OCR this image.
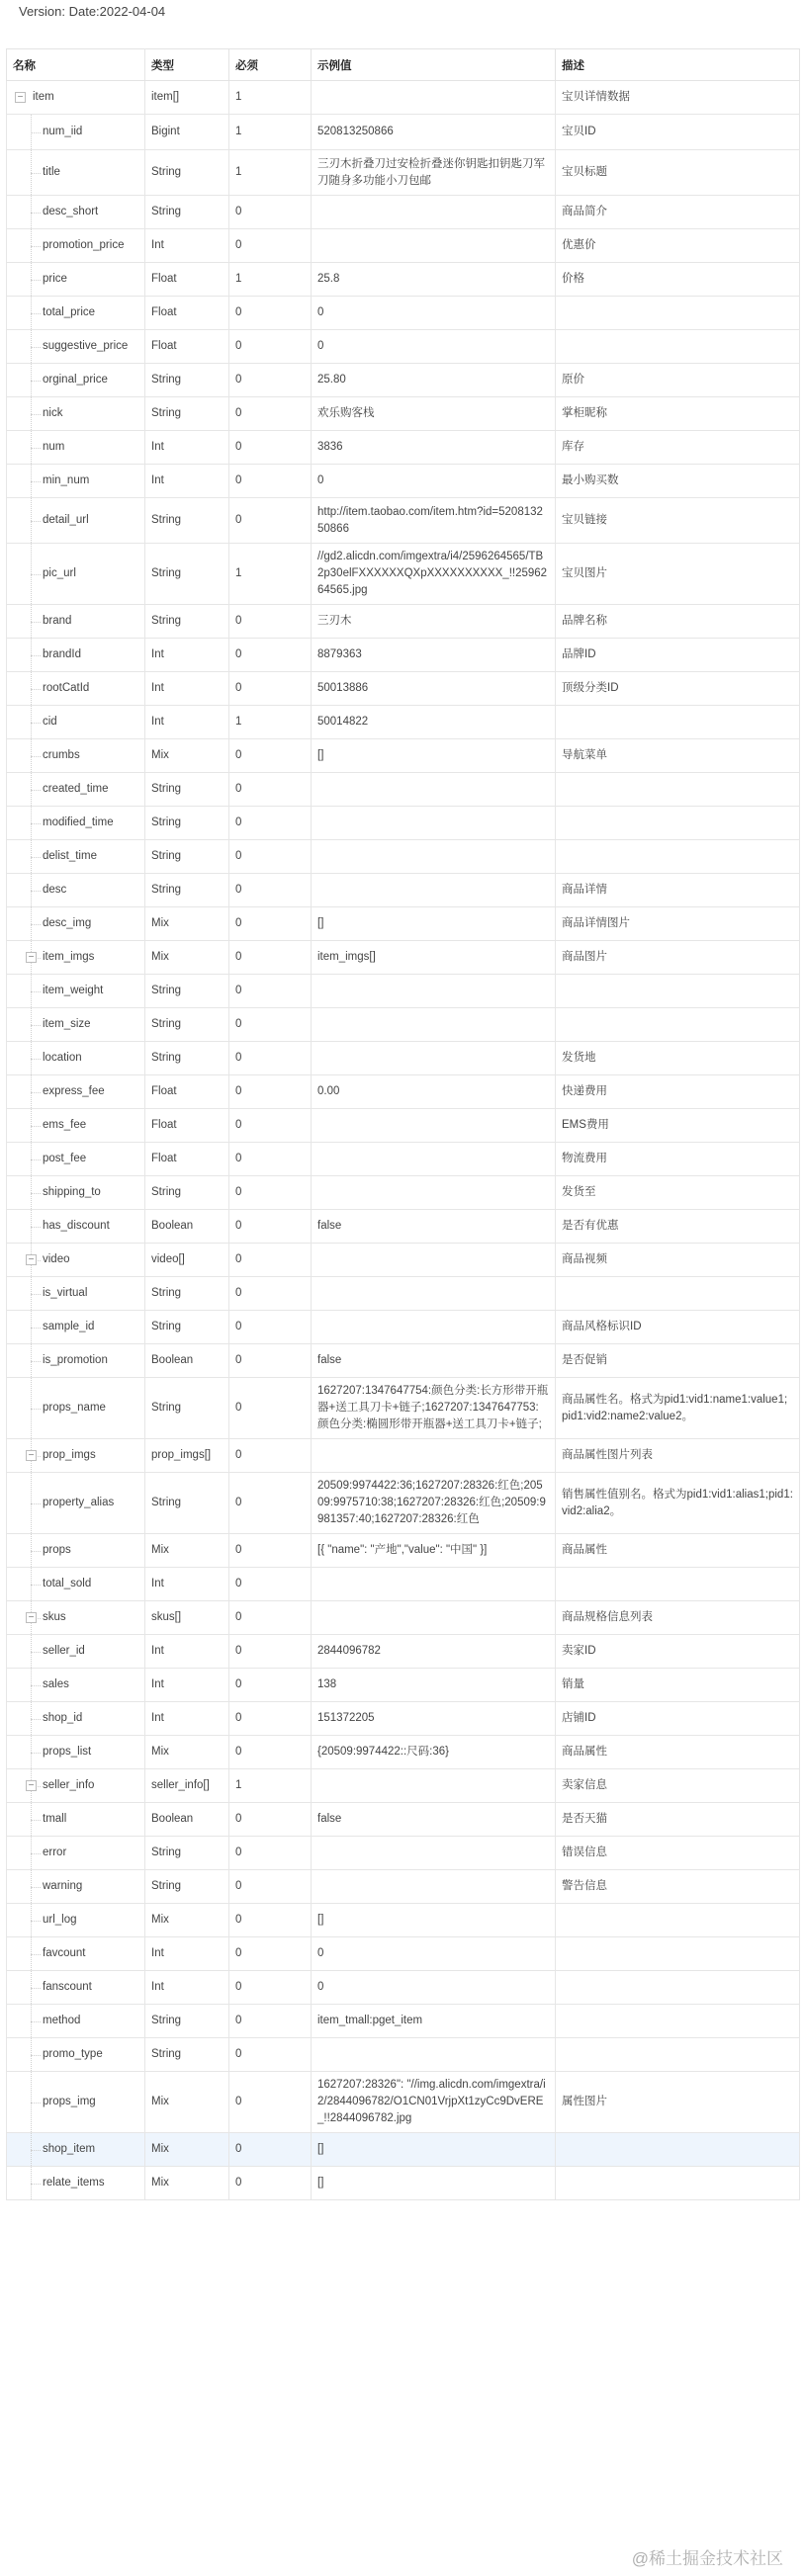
Version: Date:2022-04-04
名称	类型	必须	示例值	描述

− item	item[]	1		宝贝详情数据
num_iid	Bigint	1	520813250866	宝贝ID
title	String	1	三刃木折叠刀过安检折叠迷你钥匙扣钥匙刀军刀随身多功能小刀包邮	宝贝标题
desc_short	String	0		商品简介
promotion_price	Int	0		优惠价
price	Float	1	25.8	价格
total_price	Float	0	0	
suggestive_price	Float	0	0	
orginal_price	String	0	25.80	原价
nick	String	0	欢乐购客栈	掌柜昵称
num	Int	0	3836	库存
min_num	Int	0	0	最小购买数
detail_url	String	0	http://item.taobao.com/item.htm?id=520813250866	宝贝链接
pic_url	String	1	//gd2.alicdn.com/imgextra/i4/2596264565/TB2p30elFXXXXXXQXpXXXXXXXXXX_!!2596264565.jpg	宝贝图片
brand	String	0	三刃木	品牌名称
brandId	Int	0	8879363	品牌ID
rootCatId	Int	0	50013886	顶级分类ID
cid	Int	1	50014822	
crumbs	Mix	0	[]	导航菜单
created_time	String	0		
modified_time	String	0		
delist_time	String	0		
desc	String	0		商品详情
desc_img	Mix	0	[]	商品详情图片

− item_imgs	Mix	0	item_imgs[]	商品图片
item_weight	String	0		
item_size	String	0		
location	String	0		发货地
express_fee	Float	0	0.00	快递费用
ems_fee	Float	0		EMS费用
post_fee	Float	0		物流费用
shipping_to	String	0		发货至
has_discount	Boolean	0	false	是否有优惠

− video	video[]	0		商品视频
is_virtual	String	0		
sample_id	String	0		商品风格标识ID
is_promotion	Boolean	0	false	是否促销
props_name	String	0	1627207:1347647754:颜色分类:长方形带开瓶器+送工具刀卡+链子;1627207:1347647753:颜色分类:椭圆形带开瓶器+送工具刀卡+链子;	商品属性名。格式为pid1:vid1:name1:value1;pid1:vid2:name2:value2。

− prop_imgs	prop_imgs[]	0		商品属性图片列表
property_alias	String	0	20509:9974422:36;1627207:28326:红色;20509:9975710:38;1627207:28326:红色;20509:9981357:40;1627207:28326:红色	销售属性值别名。格式为pid1:vid1:alias1;pid1:vid2:alia2。
props	Mix	0	[{ "name": "产地","value": "中国" }]	商品属性
total_sold	Int	0		

− skus	skus[]	0		商品规格信息列表
seller_id	Int	0	2844096782	卖家ID
sales	Int	0	138	销量
shop_id	Int	0	151372205	店铺ID
props_list	Mix	0	{20509:9974422::尺码:36}	商品属性

− seller_info	seller_info[]	1		卖家信息
tmall	Boolean	0	false	是否天猫
error	String	0		错误信息
warning	String	0		警告信息
url_log	Mix	0	[]	
favcount	Int	0	0	
fanscount	Int	0	0	
method	String	0	item_tmall:pget_item	
promo_type	String	0		
props_img	Mix	0	1627207:28326": "//img.alicdn.com/imgextra/i2/2844096782/O1CN01VrjpXt1zyCc9DvERE_!!2844096782.jpg	属性图片
shop_item	Mix	0	[]	
relate_items	Mix	0	[]	
@稀土掘金技术社区
